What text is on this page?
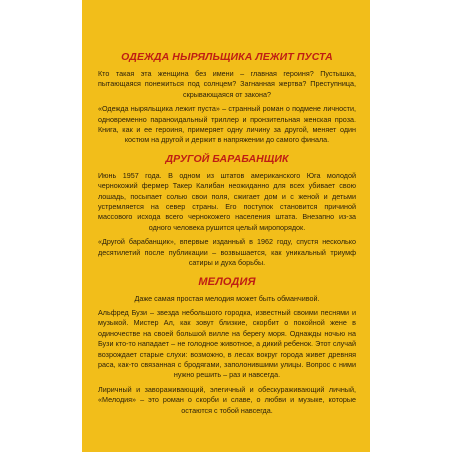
ОДЕЖДА НЫРЯЛЬЩИКА ЛЕЖИТ ПУСТА

Кто такая эта женщина без имени – главная героиня? Пустышка, пытающаяся понежиться под солнцем? Загнанная жертва? Преступница, скрывающаяся от закона?

«Одежда ныряльщика лежит пуста» – странный роман о подмене личности, одновременно параноидальный триллер и пронзительная женская проза. Книга, как и ее героиня, примеряет одну личину за другой, меняет один костюм на другой и держит в напряжении до самого финала.

ДРУГОЙ БАРАБАНЩИК

Июнь 1957 года. В одном из штатов американского Юга молодой чернокожий фермер Такер Калибан неожиданно для всех убивает свою лошадь, посыпает солью свои поля, сжигает дом и с женой и детьми устремляется на север страны. Его поступок становится причиной массового исхода всего чернокожего населения штата. Внезапно из-за одного человека рушится целый миропорядок.

«Другой барабанщик», впервые изданный в 1962 году, спустя несколько десятилетий после публикации – возвышается, как уникальный триумф сатиры и духа борьбы.

МЕЛОДИЯ

Даже самая простая мелодия может быть обманчивой.

Альфред Бузи – звезда небольшого городка, известный своими песнями и музыкой. Мистер Ал, как зовут близкие, скорбит о покойной жене в одиночестве на своей большой вилле на берегу моря. Однажды ночью на Бузи кто-то нападает – не голодное животное, а дикий ребенок. Этот случай возрождает старые слухи: возможно, в лесах вокруг города живет древняя раса, как-то связанная с бродягами, заполонившими улицы. Вопрос с ними нужно решить – раз и навсегда.

Лиричный и завораживающий, элегичный и обескураживающий личный, «Мелодия» – это роман о скорби и славе, о любви и музыке, которые остаются с тобой навсегда.
